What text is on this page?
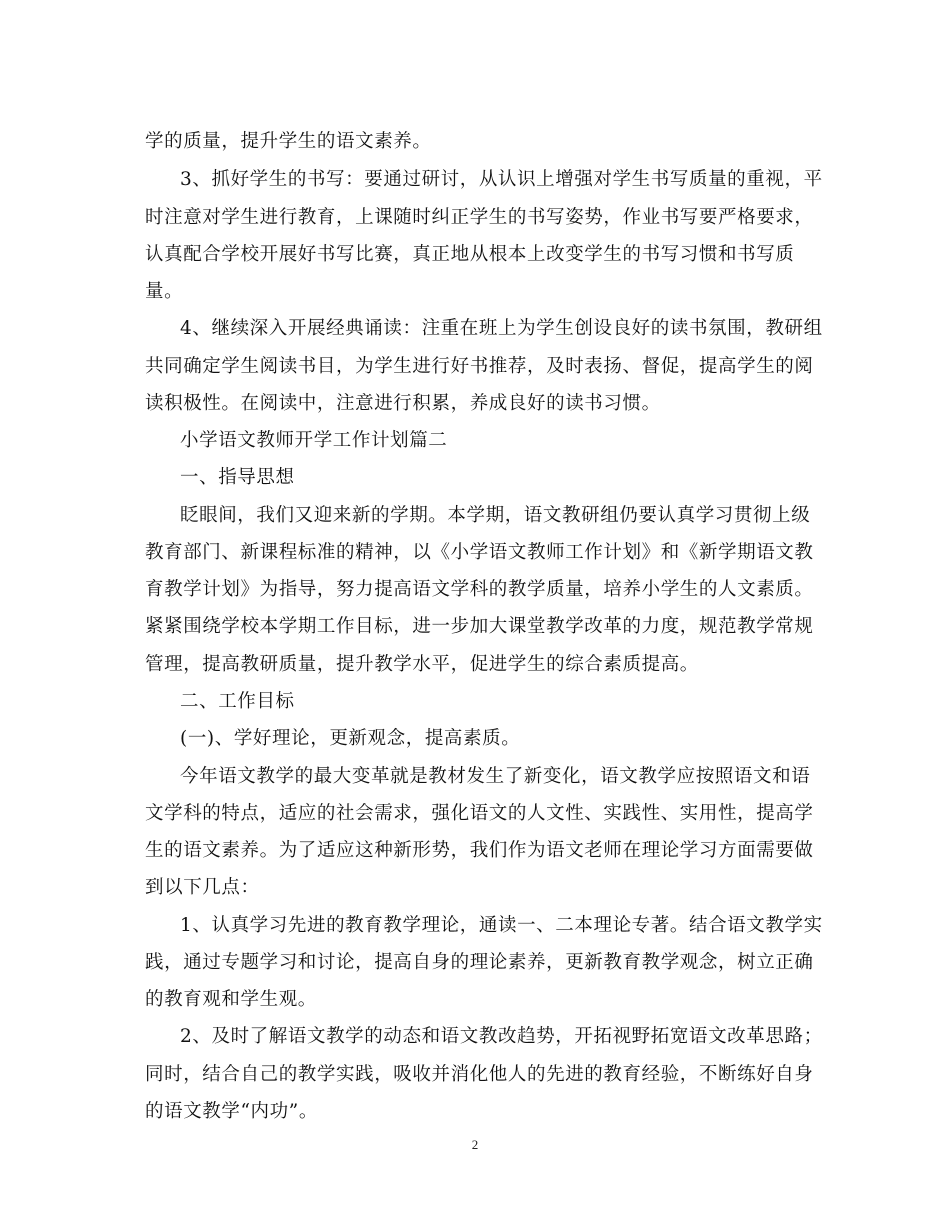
学的质量，提升学生的语文素养。
3、抓好学生的书写：要通过研讨，从认识上增强对学生书写质量的重视，平
时注意对学生进行教育，上课随时纠正学生的书写姿势，作业书写要严格要求，
认真配合学校开展好书写比赛，真正地从根本上改变学生的书写习惯和书写质
量。
4、继续深入开展经典诵读：注重在班上为学生创设良好的读书氛围，教研组
共同确定学生阅读书目，为学生进行好书推荐，及时表扬、督促，提高学生的阅
读积极性。在阅读中，注意进行积累，养成良好的读书习惯。
小学语文教师开学工作计划篇二
一、指导思想
眨眼间，我们又迎来新的学期。本学期，语文教研组仍要认真学习贯彻上级
教育部门、新课程标准的精神，以《小学语文教师工作计划》和《新学期语文教
育教学计划》为指导，努力提高语文学科的教学质量，培养小学生的人文素质。
紧紧围绕学校本学期工作目标，进一步加大课堂教学改革的力度，规范教学常规
管理，提高教研质量，提升教学水平，促进学生的综合素质提高。
二、工作目标
(一)、学好理论，更新观念，提高素质。
今年语文教学的最大变革就是教材发生了新变化，语文教学应按照语文和语
文学科的特点，适应的社会需求，强化语文的人文性、实践性、实用性，提高学
生的语文素养。为了适应这种新形势，我们作为语文老师在理论学习方面需要做
到以下几点：
1、认真学习先进的教育教学理论，通读一、二本理论专著。结合语文教学实
践，通过专题学习和讨论，提高自身的理论素养，更新教育教学观念，树立正确
的教育观和学生观。
2、及时了解语文教学的动态和语文教改趋势，开拓视野拓宽语文改革思路；
同时，结合自己的教学实践，吸收并消化他人的先进的教育经验，不断练好自身
的语文教学“内功”。
2
